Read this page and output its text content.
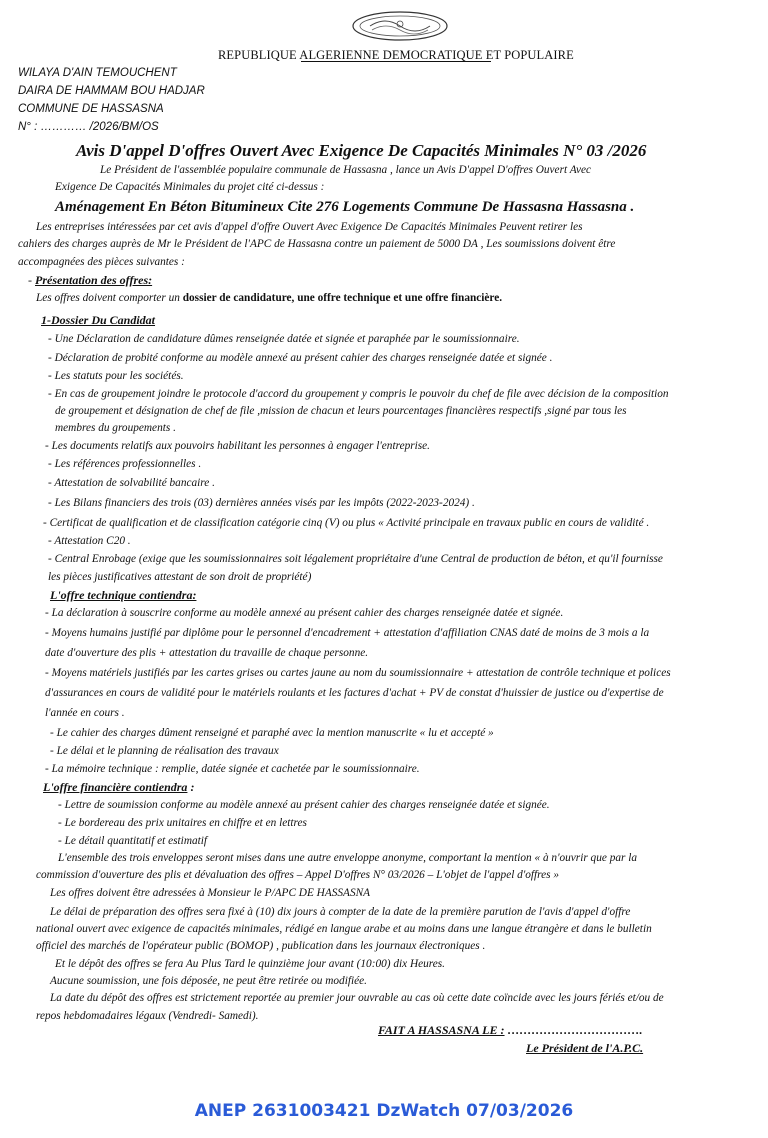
REPUBLIQUE ALGERIENNE DEMOCRATIQUE ET POPULAIRE
WILAYA D'AIN TEMOUCHENT
DAIRA DE HAMMAM BOU HADJAR
COMMUNE DE HASSASNA
N° : ………… /2026/BM/OS
Avis D'appel D'offres Ouvert Avec Exigence De Capacités Minimales N° 03 /2026
Le Président de l'assemblée populaire communale de Hassasna , lance un Avis D'appel D'offres Ouvert Avec
Exigence De Capacités Minimales du projet cité ci-dessus :
Aménagement En Béton Bitumineux Cite 276 Logements Commune De Hassasna Hassasna .
Les entreprises intéressées par cet avis d'appel d'offre Ouvert Avec Exigence De Capacités Minimales Peuvent retirer les
cahiers des charges auprès de Mr le Président de l'APC de Hassasna contre un paiement de 5000 DA , Les soumissions doivent être
accompagnées des pièces suivantes :
- Présentation des offres:
Les offres doivent comporter un dossier de candidature, une offre technique et une offre financière.
1-Dossier Du Candidat
- Une Déclaration de candidature dûmes renseignée datée et signée et paraphée par le soumissionnaire.
- Déclaration de probité conforme au modèle annexé au présent cahier des charges renseignée datée et signée .
- Les statuts pour les sociétés.
- En cas de groupement joindre le protocole d'accord du groupement y compris le pouvoir du chef de file avec décision de la composition
de groupement et désignation de chef de file ,mission de chacun et leurs pourcentages financières respectifs ,signé par tous les
membres du groupements .
- Les documents relatifs aux pouvoirs habilitant les personnes à engager l'entreprise.
- Les références professionnelles .
- Attestation de solvabilité bancaire .
- Les Bilans financiers des trois (03) dernières années visés par les impôts (2022-2023-2024) .
- Certificat de qualification et de classification catégorie cinq (V) ou plus « Activité principale en travaux public en cours de validité .
- Attestation C20 .
- Central Enrobage (exige que les soumissionnaires soit légalement propriétaire d'une Central de production de béton, et qu'il fournisse
les pièces justificatives attestant de son droit de propriété)
L'offre technique contiendra:
- La déclaration à souscrire conforme au modèle annexé au présent cahier des charges renseignée datée et signée.
- Moyens humains justifié par diplôme pour le personnel d'encadrement + attestation d'affiliation CNAS daté de moins de 3 mois a la
date d'ouverture des plis + attestation du travaille de chaque personne.
- Moyens matériels justifiés par les cartes grises ou cartes jaune au nom du soumissionnaire + attestation de contrôle technique et polices
d'assurances en cours de validité pour le matériels roulants et les factures d'achat + PV de constat d'huissier de justice ou d'expertise de
l'année en cours .
- Le cahier des charges dûment renseigné et paraphé avec la mention manuscrite « lu et accepté »
- Le délai et le planning de réalisation des travaux
- La mémoire technique : remplie, datée signée et cachetée par le soumissionnaire.
L'offre financière contiendra :
- Lettre de soumission conforme au modèle annexé au présent cahier des charges renseignée datée et signée.
- Le bordereau des prix unitaires en chiffre et en lettres
- Le détail quantitatif et estimatif
L'ensemble des trois enveloppes seront mises dans une autre enveloppe anonyme, comportant la mention « à n'ouvrir que par la
commission d'ouverture des plis et dévaluation des offres – Appel D'offres N° 03/2026 – L'objet de l'appel d'offres »
Les offres doivent être adressées à Monsieur le P/APC DE HASSASNA
Le délai de préparation des offres sera fixé à (10) dix jours à compter de la date de la première parution de l'avis d'appel d'offre
national ouvert avec exigence de capacités minimales, rédigé en langue arabe et au moins dans une langue étrangère et dans le bulletin
officiel des marchés de l'opérateur public (BOMOP) , publication dans les journaux électroniques .
Et le dépôt des offres se fera Au Plus Tard le quinzième jour avant (10:00) dix Heures.
Aucune soumission, une fois déposée, ne peut être retirée ou modifiée.
La date du dépôt des offres est strictement reportée au premier jour ouvrable au cas où cette date coïncide avec les jours fériés et/ou de
repos hebdomadaires légaux (Vendredi- Samedi).
FAIT A HASSASNA LE : …………………………….
Le Président de l'A.P.C.
ANEP 2631003421 DzWatch 07/03/2026
